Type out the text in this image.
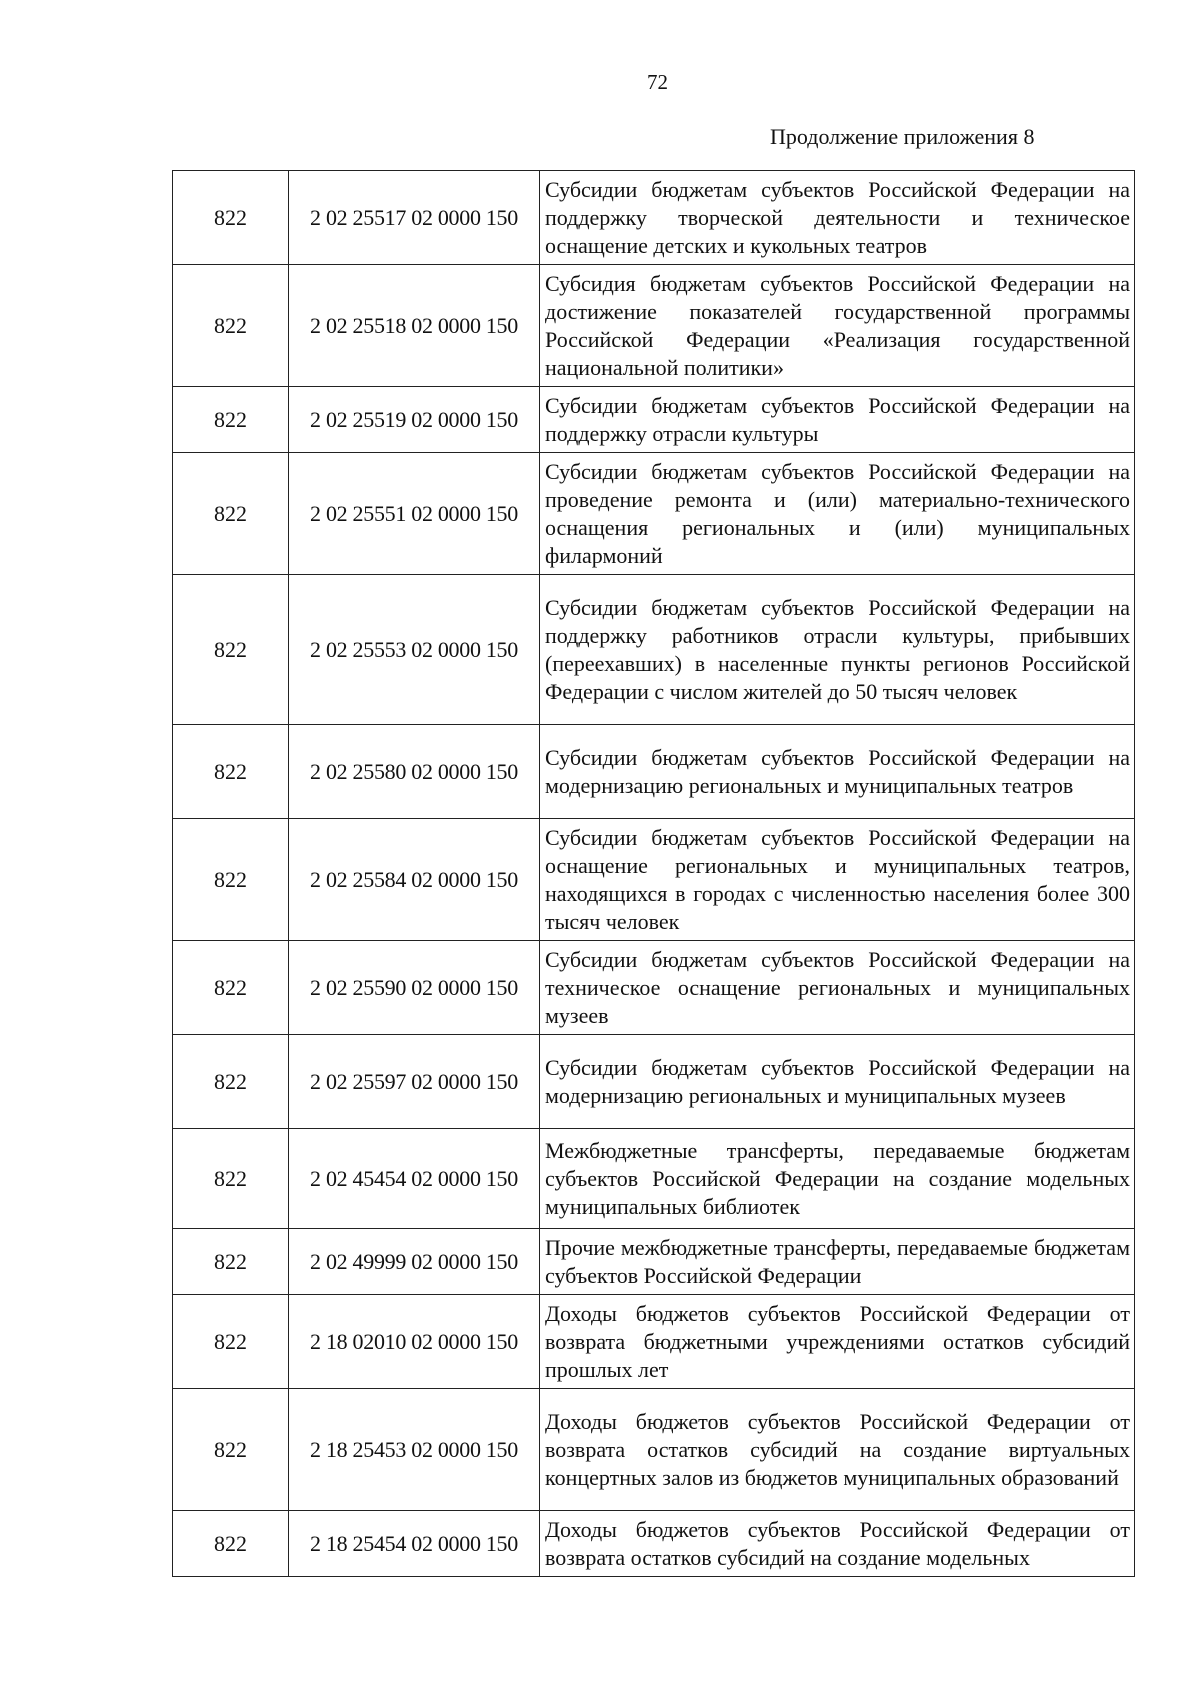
72
Продолжение приложения 8
822	2 02 25517 02 0000 150	Субсидии бюджетам субъектов Российской Федерации на поддержку творческой деятельности и техническое оснащение детских и кукольных театров
822	2 02 25518 02 0000 150	Субсидия бюджетам субъектов Российской Федерации на достижение показателей государственной программы Российской Федерации «Реализация государственной национальной политики»
822	2 02 25519 02 0000 150	Субсидии бюджетам субъектов Российской Федерации на поддержку отрасли культуры
822	2 02 25551 02 0000 150	Субсидии бюджетам субъектов Российской Федерации на проведение ремонта и (или) материально-технического оснащения региональных и (или) муниципальных филармоний
822	2 02 25553 02 0000 150	Субсидии бюджетам субъектов Российской Федерации на поддержку работников отрасли культуры, прибывших (переехавших) в населенные пункты регионов Российской Федерации с числом жителей до 50 тысяч человек
822	2 02 25580 02 0000 150	Субсидии бюджетам субъектов Российской Федерации на модернизацию региональных и муниципальных театров
822	2 02 25584 02 0000 150	Субсидии бюджетам субъектов Российской Федерации на оснащение региональных и муниципальных театров, находящихся в городах с численностью населения более 300 тысяч человек
822	2 02 25590 02 0000 150	Субсидии бюджетам субъектов Российской Федерации на техническое оснащение региональных и муниципальных музеев
822	2 02 25597 02 0000 150	Субсидии бюджетам субъектов Российской Федерации на модернизацию региональных и муниципальных музеев
822	2 02 45454 02 0000 150	Межбюджетные трансферты, передаваемые бюджетам субъектов Российской Федерации на создание модельных муниципальных библиотек
822	2 02 49999 02 0000 150	Прочие межбюджетные трансферты, передаваемые бюджетам субъектов Российской Федерации
822	2 18 02010 02 0000 150	Доходы бюджетов субъектов Российской Федерации от возврата бюджетными учреждениями остатков субсидий прошлых лет
822	2 18 25453 02 0000 150	Доходы бюджетов субъектов Российской Федерации от возврата остатков субсидий на создание виртуальных концертных залов из бюджетов муниципальных образований
822	2 18 25454 02 0000 150	Доходы бюджетов субъектов Российской Федерации от возврата остатков субсидий на создание модельных
